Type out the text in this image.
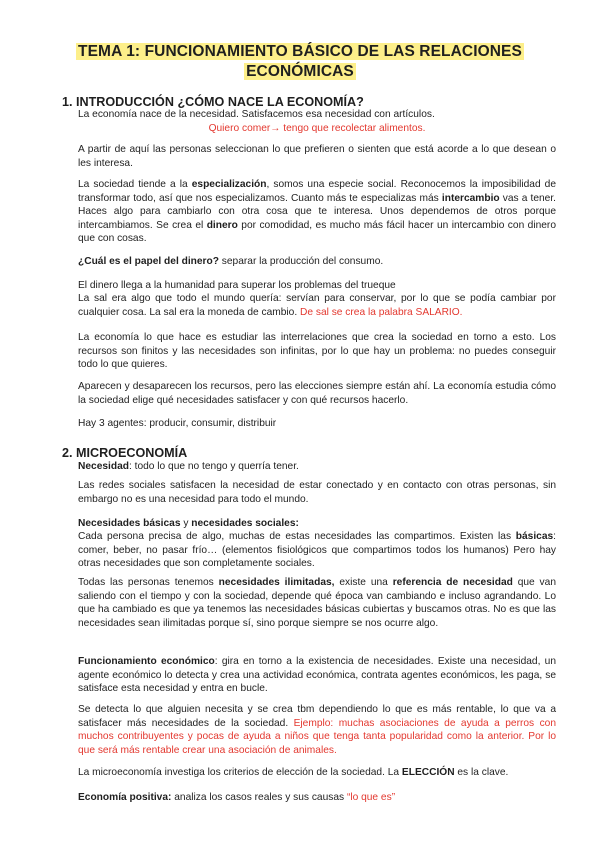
TEMA 1: FUNCIONAMIENTO BÁSICO DE LAS RELACIONES
ECONÓMICAS
1. INTRODUCCIÓN ¿CÓMO NACE LA ECONOMÍA?
La economía nace de la necesidad. Satisfacemos esa necesidad con artículos.
Quiero comer→ tengo que recolectar alimentos.
A partir de aquí las personas seleccionan lo que prefieren o sienten que está acorde a lo que desean o les interesa.
La sociedad tiende a la especialización, somos una especie social. Reconocemos la imposibilidad de transformar todo, así que nos especializamos. Cuanto más te especializas más intercambio vas a tener. Haces algo para cambiarlo con otra cosa que te interesa. Unos dependemos de otros porque intercambiamos. Se crea el dinero por comodidad, es mucho más fácil hacer un intercambio con dinero que con cosas.
¿Cuál es el papel del dinero? separar la producción del consumo.
El dinero llega a la humanidad para superar los problemas del trueque
La sal era algo que todo el mundo quería: servían para conservar, por lo que se podía cambiar por cualquier cosa. La sal era la moneda de cambio. De sal se crea la palabra SALARIO.
La economía lo que hace es estudiar las interrelaciones que crea la sociedad en torno a esto. Los recursos son finitos y las necesidades son infinitas, por lo que hay un problema: no puedes conseguir todo lo que quieres.
Aparecen y desaparecen los recursos, pero las elecciones siempre están ahí. La economía estudia cómo la sociedad elige qué necesidades satisfacer y con qué recursos hacerlo.
Hay 3 agentes: producir, consumir, distribuir
2. MICROECONOMÍA
Necesidad: todo lo que no tengo y querría tener.
Las redes sociales satisfacen la necesidad de estar conectado y en contacto con otras personas, sin embargo no es una necesidad para todo el mundo.
Necesidades básicas y necesidades sociales:
Cada persona precisa de algo, muchas de estas necesidades las compartimos. Existen las básicas: comer, beber, no pasar frío… (elementos fisiológicos que compartimos todos los humanos) Pero hay otras necesidades que son completamente sociales.
Todas las personas tenemos necesidades ilimitadas, existe una referencia de necesidad que van saliendo con el tiempo y con la sociedad, depende qué época van cambiando e incluso agrandando. Lo que ha cambiado es que ya tenemos las necesidades básicas cubiertas y buscamos otras. No es que las necesidades sean ilimitadas porque sí, sino porque siempre se nos ocurre algo.
Funcionamiento económico: gira en torno a la existencia de necesidades. Existe una necesidad, un agente económico lo detecta y crea una actividad económica, contrata agentes económicos, les paga, se satisface esta necesidad y entra en bucle.
Se detecta lo que alguien necesita y se crea tbm dependiendo lo que es más rentable, lo que va a satisfacer más necesidades de la sociedad. Ejemplo: muchas asociaciones de ayuda a perros con muchos contribuyentes y pocas de ayuda a niños que tenga tanta popularidad como la anterior. Por lo que será más rentable crear una asociación de animales.
La microeconomía investiga los criterios de elección de la sociedad. La ELECCIÓN es la clave.
Economía positiva: analiza los casos reales y sus causas “lo que es”
